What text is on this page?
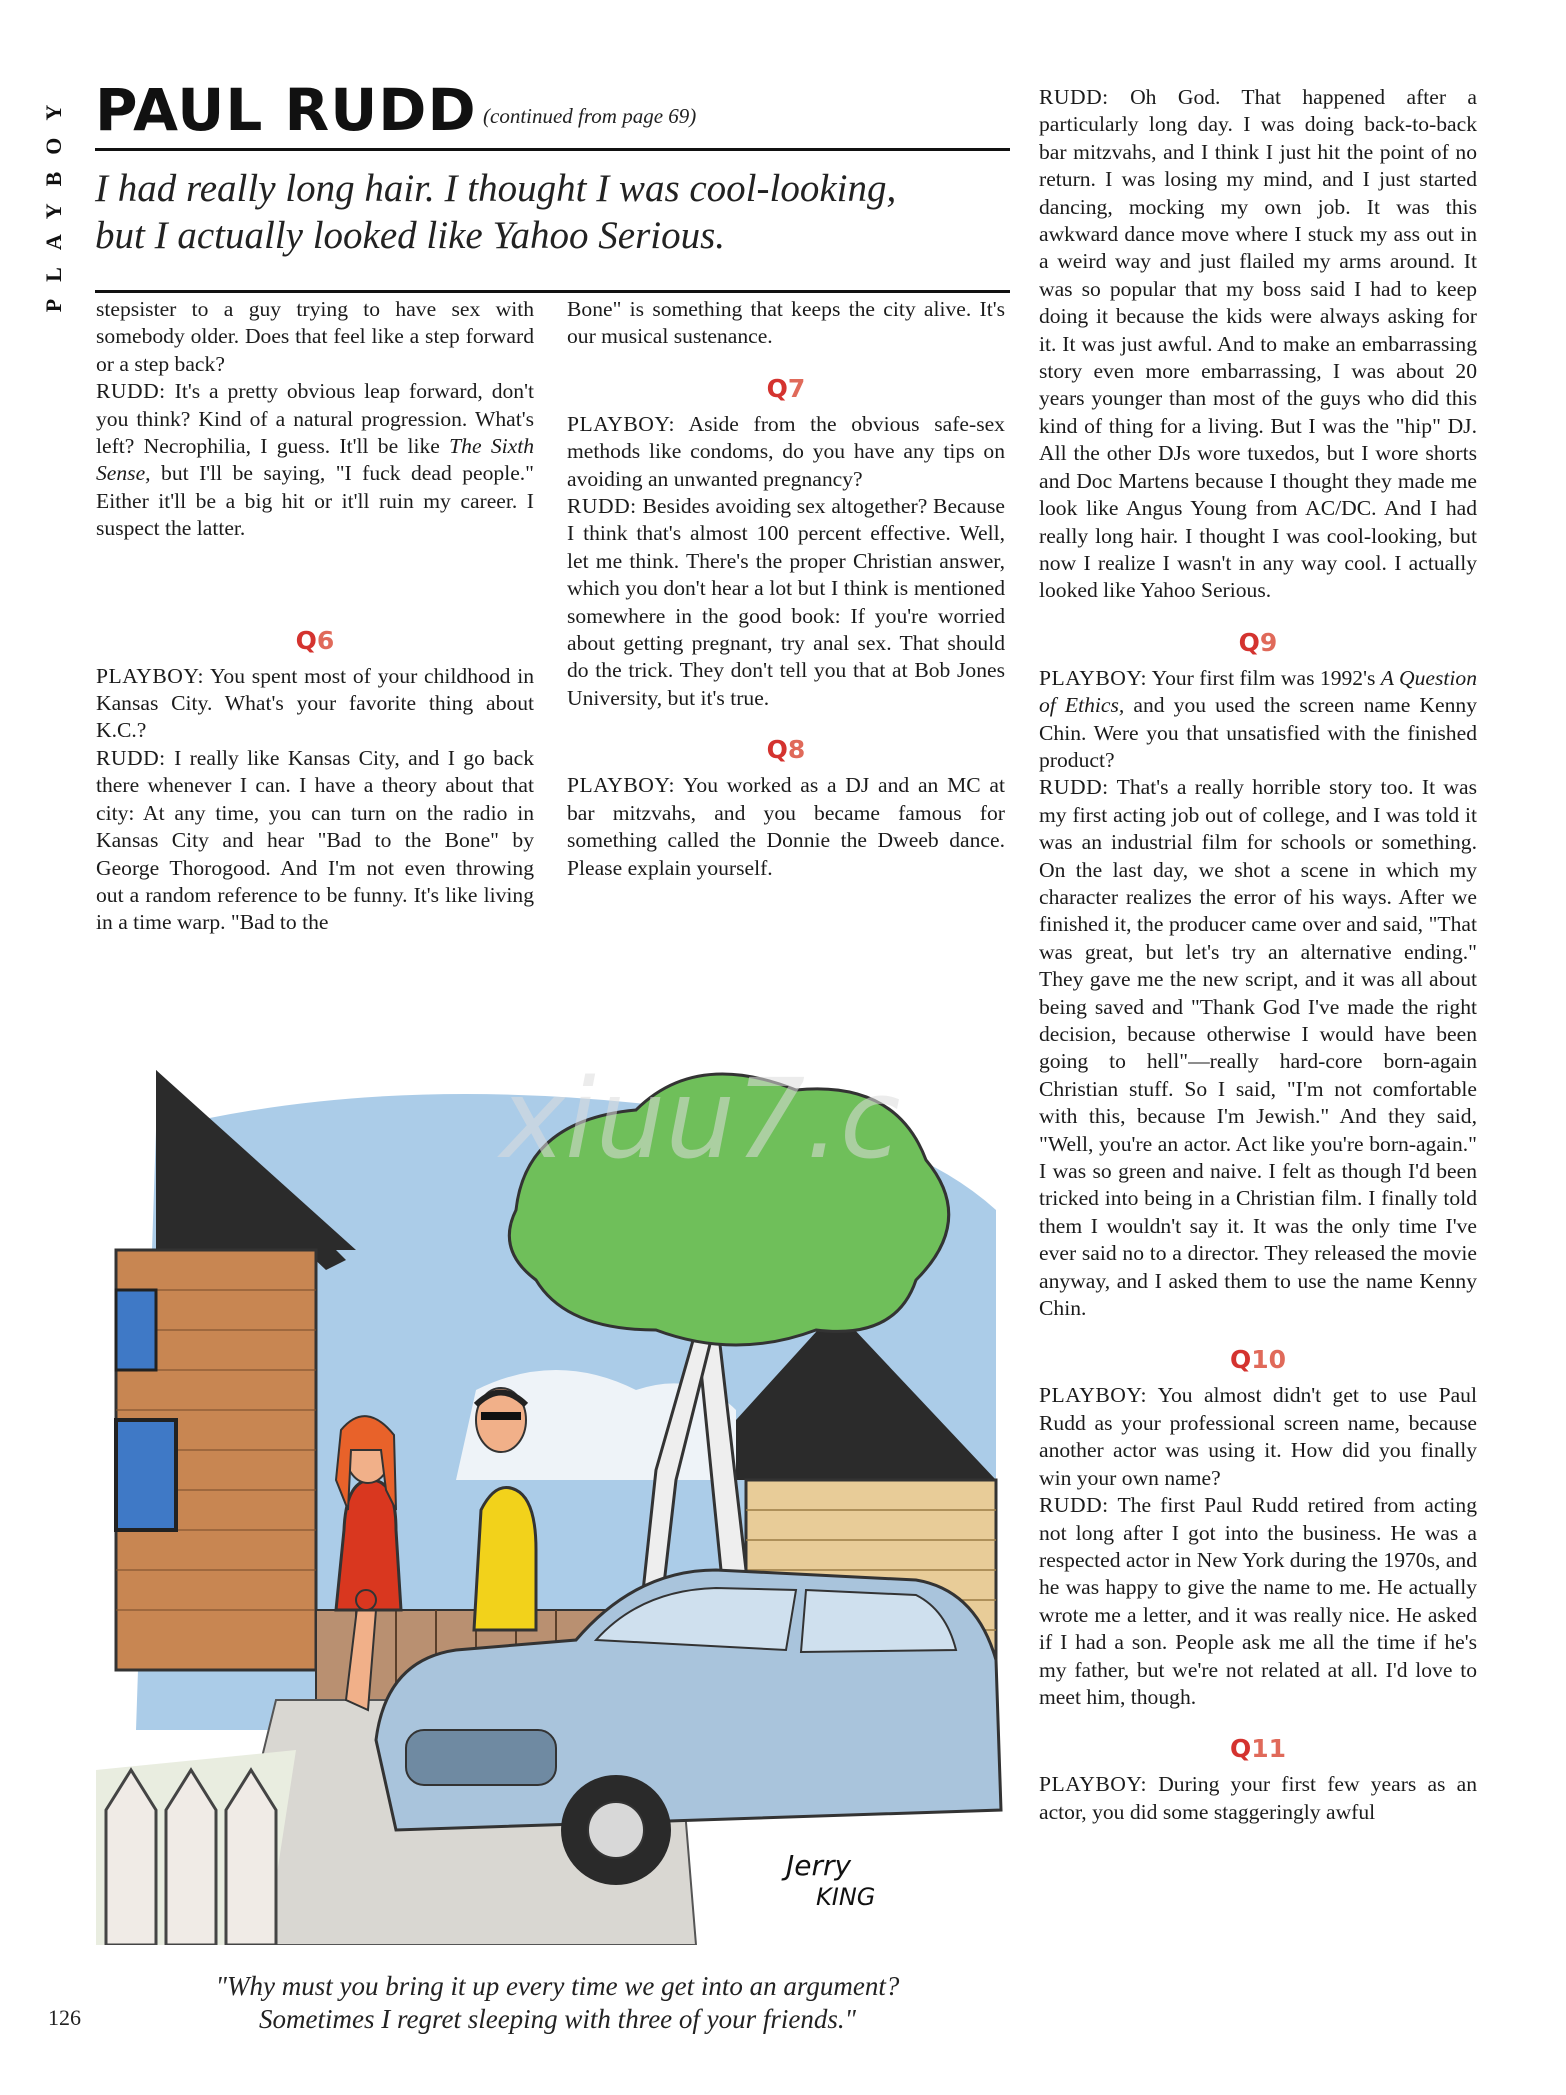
PLAYBOY PAUL RUDD (continued from page 69)
I had really long hair. I thought I was cool-looking,
but I actually looked like Yahoo Serious.

stepsister to a guy trying to have sex with somebody older. Does that feel like a step forward or a step back?

RUDD: It's a pretty obvious leap forward, don't you think? Kind of a natural progression. What's left? Necrophilia, I guess. It'll be like The Sixth Sense, but I'll be saying, "I fuck dead people." Either it'll be a big hit or it'll ruin my career. I suspect the latter.

Q6

PLAYBOY: You spent most of your childhood in Kansas City. What's your favorite thing about K.C.?

RUDD: I really like Kansas City, and I go back there whenever I can. I have a theory about that city: At any time, you can turn on the radio in Kansas City and hear "Bad to the Bone" by George Thorogood. And I'm not even throwing out a random reference to be funny. It's like living in a time warp. "Bad to the

Bone" is something that keeps the city alive. It's our musical sustenance.

Q7

PLAYBOY: Aside from the obvious safe-sex methods like condoms, do you have any tips on avoiding an unwanted pregnancy?

RUDD: Besides avoiding sex altogether? Because I think that's almost 100 percent effective. Well, let me think. There's the proper Christian answer, which you don't hear a lot but I think is mentioned somewhere in the good book: If you're worried about getting pregnant, try anal sex. That should do the trick. They don't tell you that at Bob Jones University, but it's true.

Q8

PLAYBOY: You worked as a DJ and an MC at bar mitzvahs, and you became famous for something called the Donnie the Dweeb dance. Please explain yourself.

RUDD: Oh God. That happened after a particularly long day. I was doing back-to-back bar mitzvahs, and I think I just hit the point of no return. I was losing my mind, and I just started dancing, mocking my own job. It was this awkward dance move where I stuck my ass out in a weird way and just flailed my arms around. It was so popular that my boss said I had to keep doing it because the kids were always asking for it. It was just awful. And to make an embarrassing story even more embarrassing, I was about 20 years younger than most of the guys who did this kind of thing for a living. But I was the "hip" DJ. All the other DJs wore tuxedos, but I wore shorts and Doc Martens because I thought they made me look like Angus Young from AC/DC. And I had really long hair. I thought I was cool-looking, but now I realize I wasn't in any way cool. I actually looked like Yahoo Serious.

Q9

PLAYBOY: Your first film was 1992's A Question of Ethics, and you used the screen name Kenny Chin. Were you that unsatisfied with the finished product?

RUDD: That's a really horrible story too. It was my first acting job out of college, and I was told it was an industrial film for schools or something. On the last day, we shot a scene in which my character realizes the error of his ways. After we finished it, the producer came over and said, "That was great, but let's try an alternative ending." They gave me the new script, and it was all about being saved and "Thank God I've made the right decision, because otherwise I would have been going to hell"—really hard-core born-again Christian stuff. So I said, "I'm not comfortable with this, because I'm Jewish." And they said, "Well, you're an actor. Act like you're born-again." I was so green and naive. I felt as though I'd been tricked into being in a Christian film. I finally told them I wouldn't say it. It was the only time I've ever said no to a director. They released the movie anyway, and I asked them to use the name Kenny Chin.

Q10

PLAYBOY: You almost didn't get to use Paul Rudd as your professional screen name, because another actor was using it. How did you finally win your own name?

RUDD: The first Paul Rudd retired from acting not long after I got into the business. He was a respected actor in New York during the 1970s, and he was happy to give the name to me. He actually wrote me a letter, and it was really nice. He asked if I had a son. People ask me all the time if he's my father, but we're not related at all. I'd love to meet him, though.

Q11

PLAYBOY: During your first few years as an actor, you did some staggeringly awful

Jerry
KING
xiuu7.c
"Why must you bring it up every time we get into an argument?
Sometimes I regret sleeping with three of your friends."
126
